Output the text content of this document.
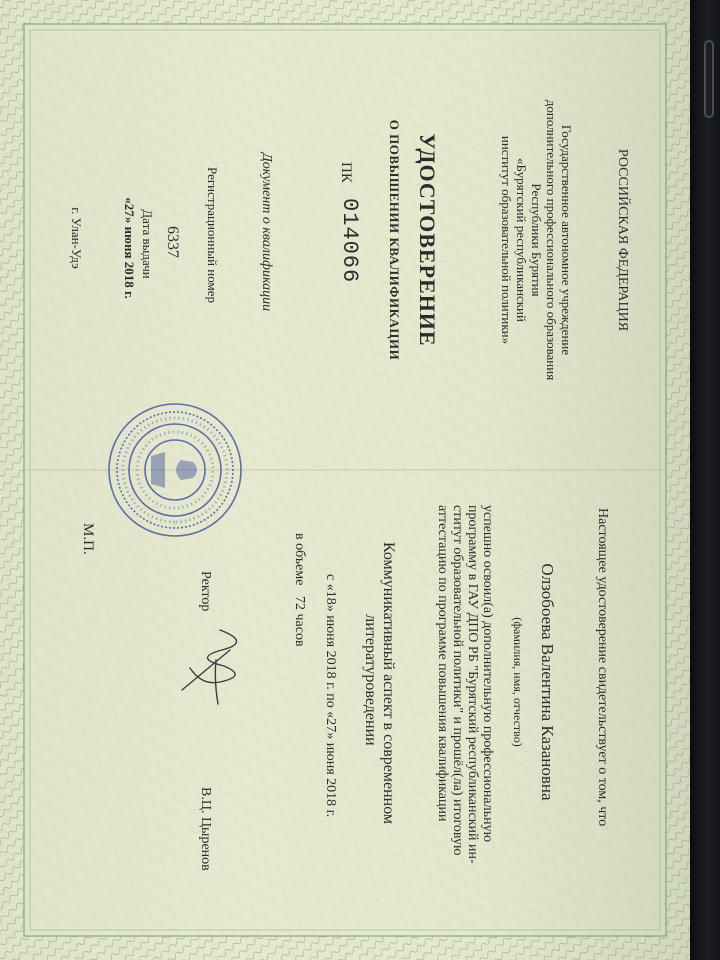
РОССИЙСКАЯ ФЕДЕРАЦИЯ
Государственное автономное учреждение
дополнительного профессионального образования
Республики Бурятия
«Бурятский республиканский
институт образовательной политики»
УДОСТОВЕРЕНИЕ
О ПОВЫШЕНИИ КВАЛИФИКАЦИИ
ПК
014066
Документ о квалификации
Регистрационный номер
6337
Дата выдачи
«27» июня 2018 г.
г. Улан-Удэ
Настоящее удостоверение свидетельствует о том, что
Олзобоева Валентина Казановна
(фамилия, имя, отчество)
успешно освоил(а) дополнительную профессиональную
программу в ГАУ ДПО РБ "Бурятский республиканский ин-
ститут образовательной политики" и прошёл(ла) итоговую
аттестацию по программе повышения квалификации
Коммуникативный аспект в современном
литературоведении
с «18» июня 2018 г. по «27» июня 2018 г.
в объеме
72 часов
Ректор
В.Ц. Цыренов
М.П.
